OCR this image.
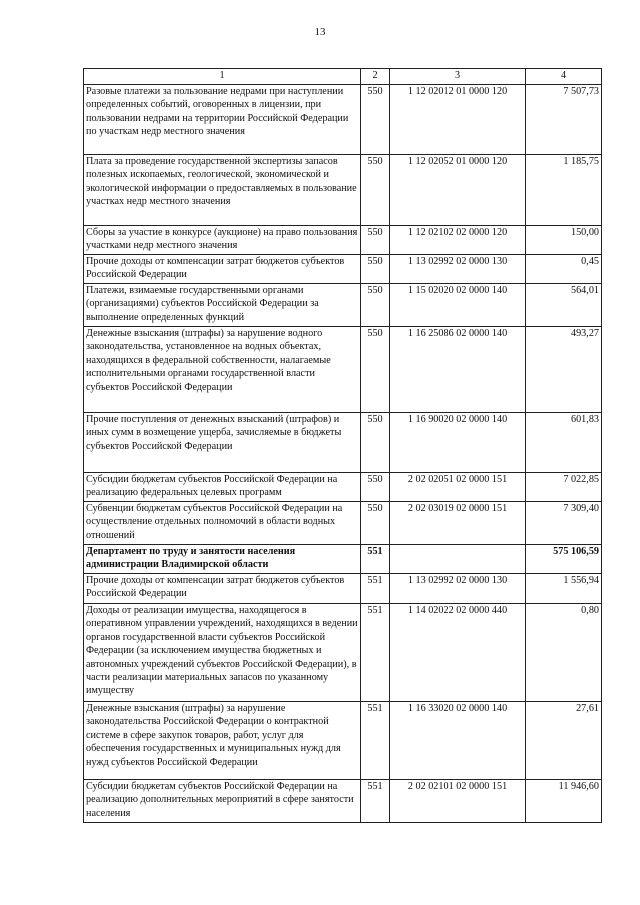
13
1	2	3	4
Разовые платежи за пользование недрами при наступлении определенных событий, оговоренных в лицензии, при пользовании недрами на территории Российской Федерации по участкам недр местного значения	550	1 12 02012 01 0000 120	7 507,73
Плата за проведение государственной экспертизы запасов полезных ископаемых, геологической, экономической и экологической информации о предоставляемых в пользование участках недр местного значения	550	1 12 02052 01 0000 120	1 185,75
Сборы за участие в конкурсе (аукционе) на право пользования участками недр местного значения	550	1 12 02102 02 0000 120	150,00
Прочие доходы от компенсации затрат бюджетов субъектов Российской Федерации	550	1 13 02992 02 0000 130	0,45
Платежи, взимаемые государственными органами (организациями) субъектов Российской Федерации за выполнение определенных функций	550	1 15 02020 02 0000 140	564,01
Денежные взыскания (штрафы) за нарушение водного законодательства, установленное на водных объектах, находящихся в федеральной собственности, налагаемые исполнительными органами государственной власти субъектов Российской Федерации	550	1 16 25086 02 0000 140	493,27
Прочие поступления от денежных взысканий (штрафов) и иных сумм в возмещение ущерба, зачисляемые в бюджеты субъектов Российской Федерации	550	1 16 90020 02 0000 140	601,83
Субсидии бюджетам субъектов Российской Федерации на реализацию федеральных целевых программ	550	2 02 02051 02 0000 151	7 022,85
Субвенции бюджетам субъектов Российской Федерации на осуществление отдельных полномочий в области водных отношений	550	2 02 03019 02 0000 151	7 309,40
Департамент по труду и занятости населения администрации Владимирской области	551		575 106,59
Прочие доходы от компенсации затрат бюджетов субъектов Российской Федерации	551	1 13 02992 02 0000 130	1 556,94
Доходы от реализации имущества, находящегося в оперативном управлении учреждений, находящихся в ведении органов государственной власти субъектов Российской Федерации (за исключением имущества бюджетных и автономных учреждений субъектов Российской Федерации), в части реализации материальных запасов по указанному имуществу	551	1 14 02022 02 0000 440	0,80
Денежные взыскания (штрафы) за нарушение законодательства Российской Федерации о контрактной системе в сфере закупок товаров, работ, услуг для обеспечения государственных и муниципальных нужд для нужд субъектов Российской Федерации	551	1 16 33020 02 0000 140	27,61
Субсидии бюджетам субъектов Российской Федерации на реализацию дополнительных мероприятий в сфере занятости населения	551	2 02 02101 02 0000 151	11 946,60
